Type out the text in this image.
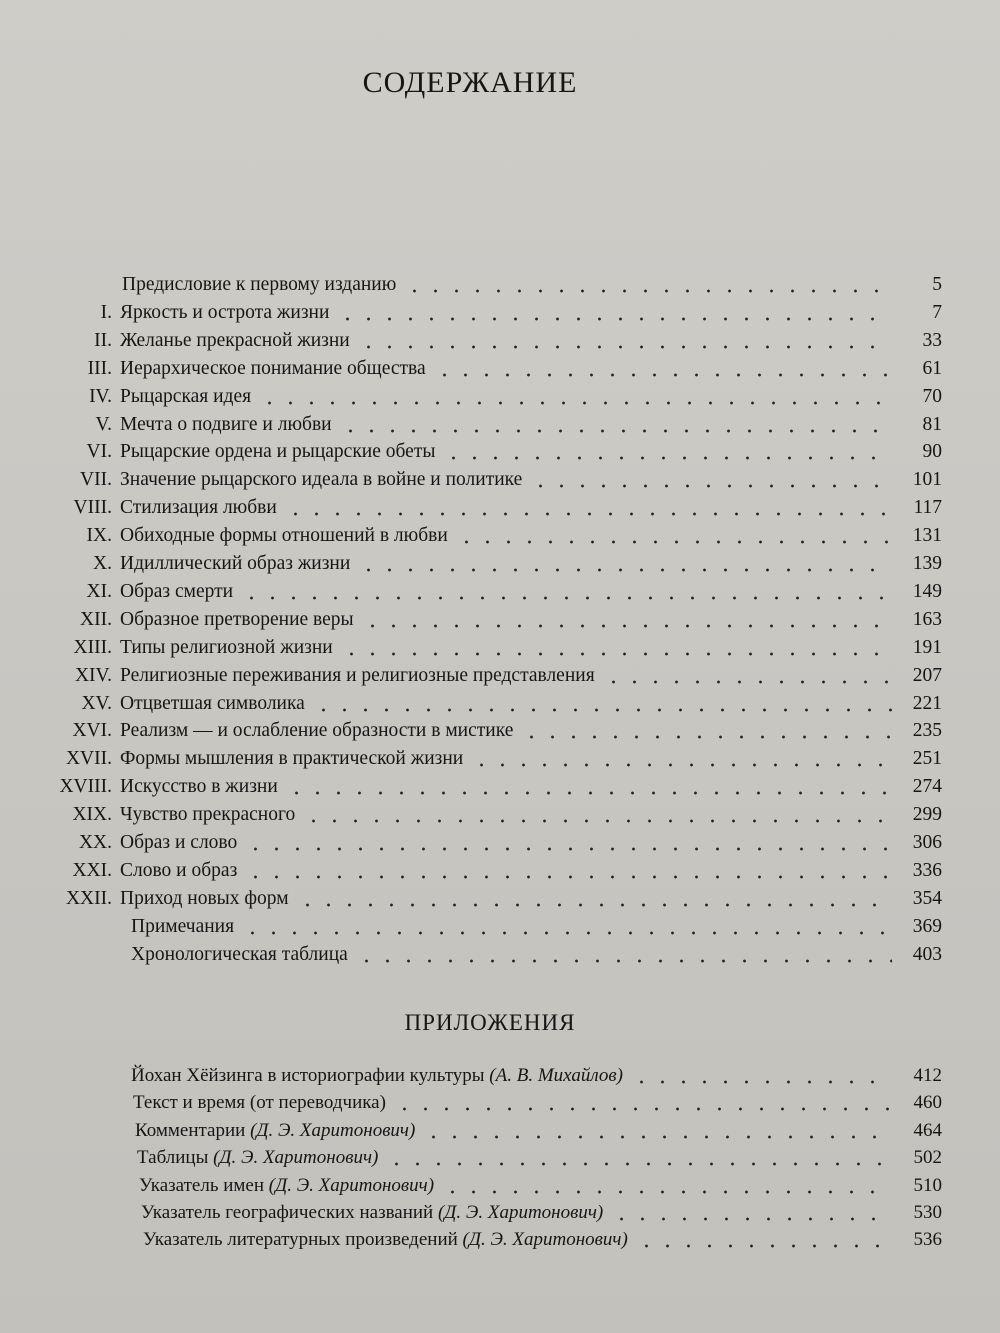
СОДЕРЖАНИЕ
Предисловие к первому изданию	5
I. Яркость и острота жизни	7
II. Желанье прекрасной жизни	33
III. Иерархическое понимание общества	61
IV. Рыцарская идея	70
V. Мечта о подвиге и любви	81
VI. Рыцарские ордена и рыцарские обеты	90
VII. Значение рыцарского идеала в войне и политике	101
VIII. Стилизация любви	117
IX. Обиходные формы отношений в любви	131
X. Идиллический образ жизни	139
XI. Образ смерти	149
XII. Образное претворение веры	163
XIII. Типы религиозной жизни	191
XIV. Религиозные переживания и религиозные представления	207
XV. Отцветшая символика	221
XVI. Реализм — и ослабление образности в мистике	235
XVII. Формы мышления в практической жизни	251
XVIII. Искусство в жизни	274
XIX. Чувство прекрасного	299
XX. Образ и слово	306
XXI. Слово и образ	336
XXII. Приход новых форм	354
Примечания	369
Хронологическая таблица	403
ПРИЛОЖЕНИЯ
Йохан Хёйзинга в историографии культуры (А. В. Михайлов)	412
Текст и время (от переводчика)	460
Комментарии (Д. Э. Харитонович)	464
Таблицы (Д. Э. Харитонович)	502
Указатель имен (Д. Э. Харитонович)	510
Указатель географических названий (Д. Э. Харитонович)	530
Указатель литературных произведений (Д. Э. Харитонович)	536
